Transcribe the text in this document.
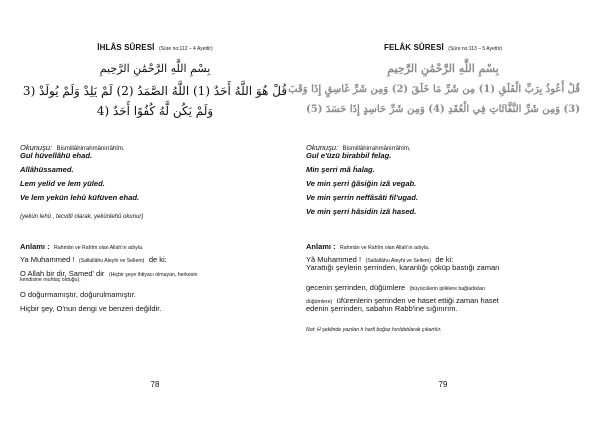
İHLÂS SÛRESİ (Süre no:112 – 4 Ayettir)
بِسْمِ اللَّهِ الرَّحْمَٰنِ الرَّحِيمِ
قُلْ هُوَ اللَّهُ أَحَدٌ (1) اللَّهُ الصَّمَدُ (2) لَمْ يَلِدْ وَلَمْ يُولَدْ (3
وَلَمْ يَكُن لَّهُ كُفُوًا أَحَدٌ (4
Okunuşu: Bismillâhirrahmânirrâhîm.
Gul hüvellâhü ehad.
Allâhüssamed.
Lem yelid ve lem yüled.
Ve lem yekün lehû küfüven ehad.
(yekün lehû , tecvitli olarak, yekünlehû okunur)
Anlamı : Rahmân ve Rahîm olan Allah'ın adıyla.
Ya Muhammed ! (Sallallâhu Aleyhi ve Sellem) de ki:
O Allah bir dir, Samed' dir (Hiçbir şeye ihtiyacı olmayan, herkesin
kendisine muhtaç olduğu).
O doğurmamıştır, doğurulmamıştır.
Hiçbir şey, O'nun dengi ve benzeri değildir.
78
FELÂK SÛRESİ (Süre no:113 – 5 Ayettir)
بِسْمِ اللَّهِ الرَّحْمَٰنِ الرَّحِيمِ
قُلْ أَعُوذُ بِرَبِّ الْفَلَقِ (1) مِن شَرِّ مَا خَلَقَ (2) وَمِن شَرِّ غَاسِقٍ إِذَا وَقَبَ
(3) وَمِن شَرِّ النَّفَّاثَاتِ فِي الْعُقَدِ (4) وَمِن شَرِّ حَاسِدٍ إِذَا حَسَدَ (5)
Okunuşu: Bismillâhirrahmânirrâhîm.
Gul e'üzü birabbil felag.
Min şerri mâ ḣalag.
Ve min şerri ğâsiğin izâ vegab.
Ve min şerrin neffâsâti fil'ugad.
Ve min şerri hâsidin izâ hased.
Anlamı : Rahmân ve Rahîm olan Allah'ın adıyla.
Yâ Muhammed ! (Sallallâhu Aleyhi ve Sellem) de ki:
Yarattığı şeylerin şerrinden, karanlığı çöküp bastığı zaman
gecenin şerrinden, düğümlere (büyücülerin ipliklere bağladıkları
düğümlere) üfürenlerin şerrinden ve haset ettiği zaman haset
edenin şerrinden, sabahın Rabb'ine sığınırım.
Not: Ḣ şeklinde yazılan h harfi boğaz hırıldatılarak çıkartılır.
79
